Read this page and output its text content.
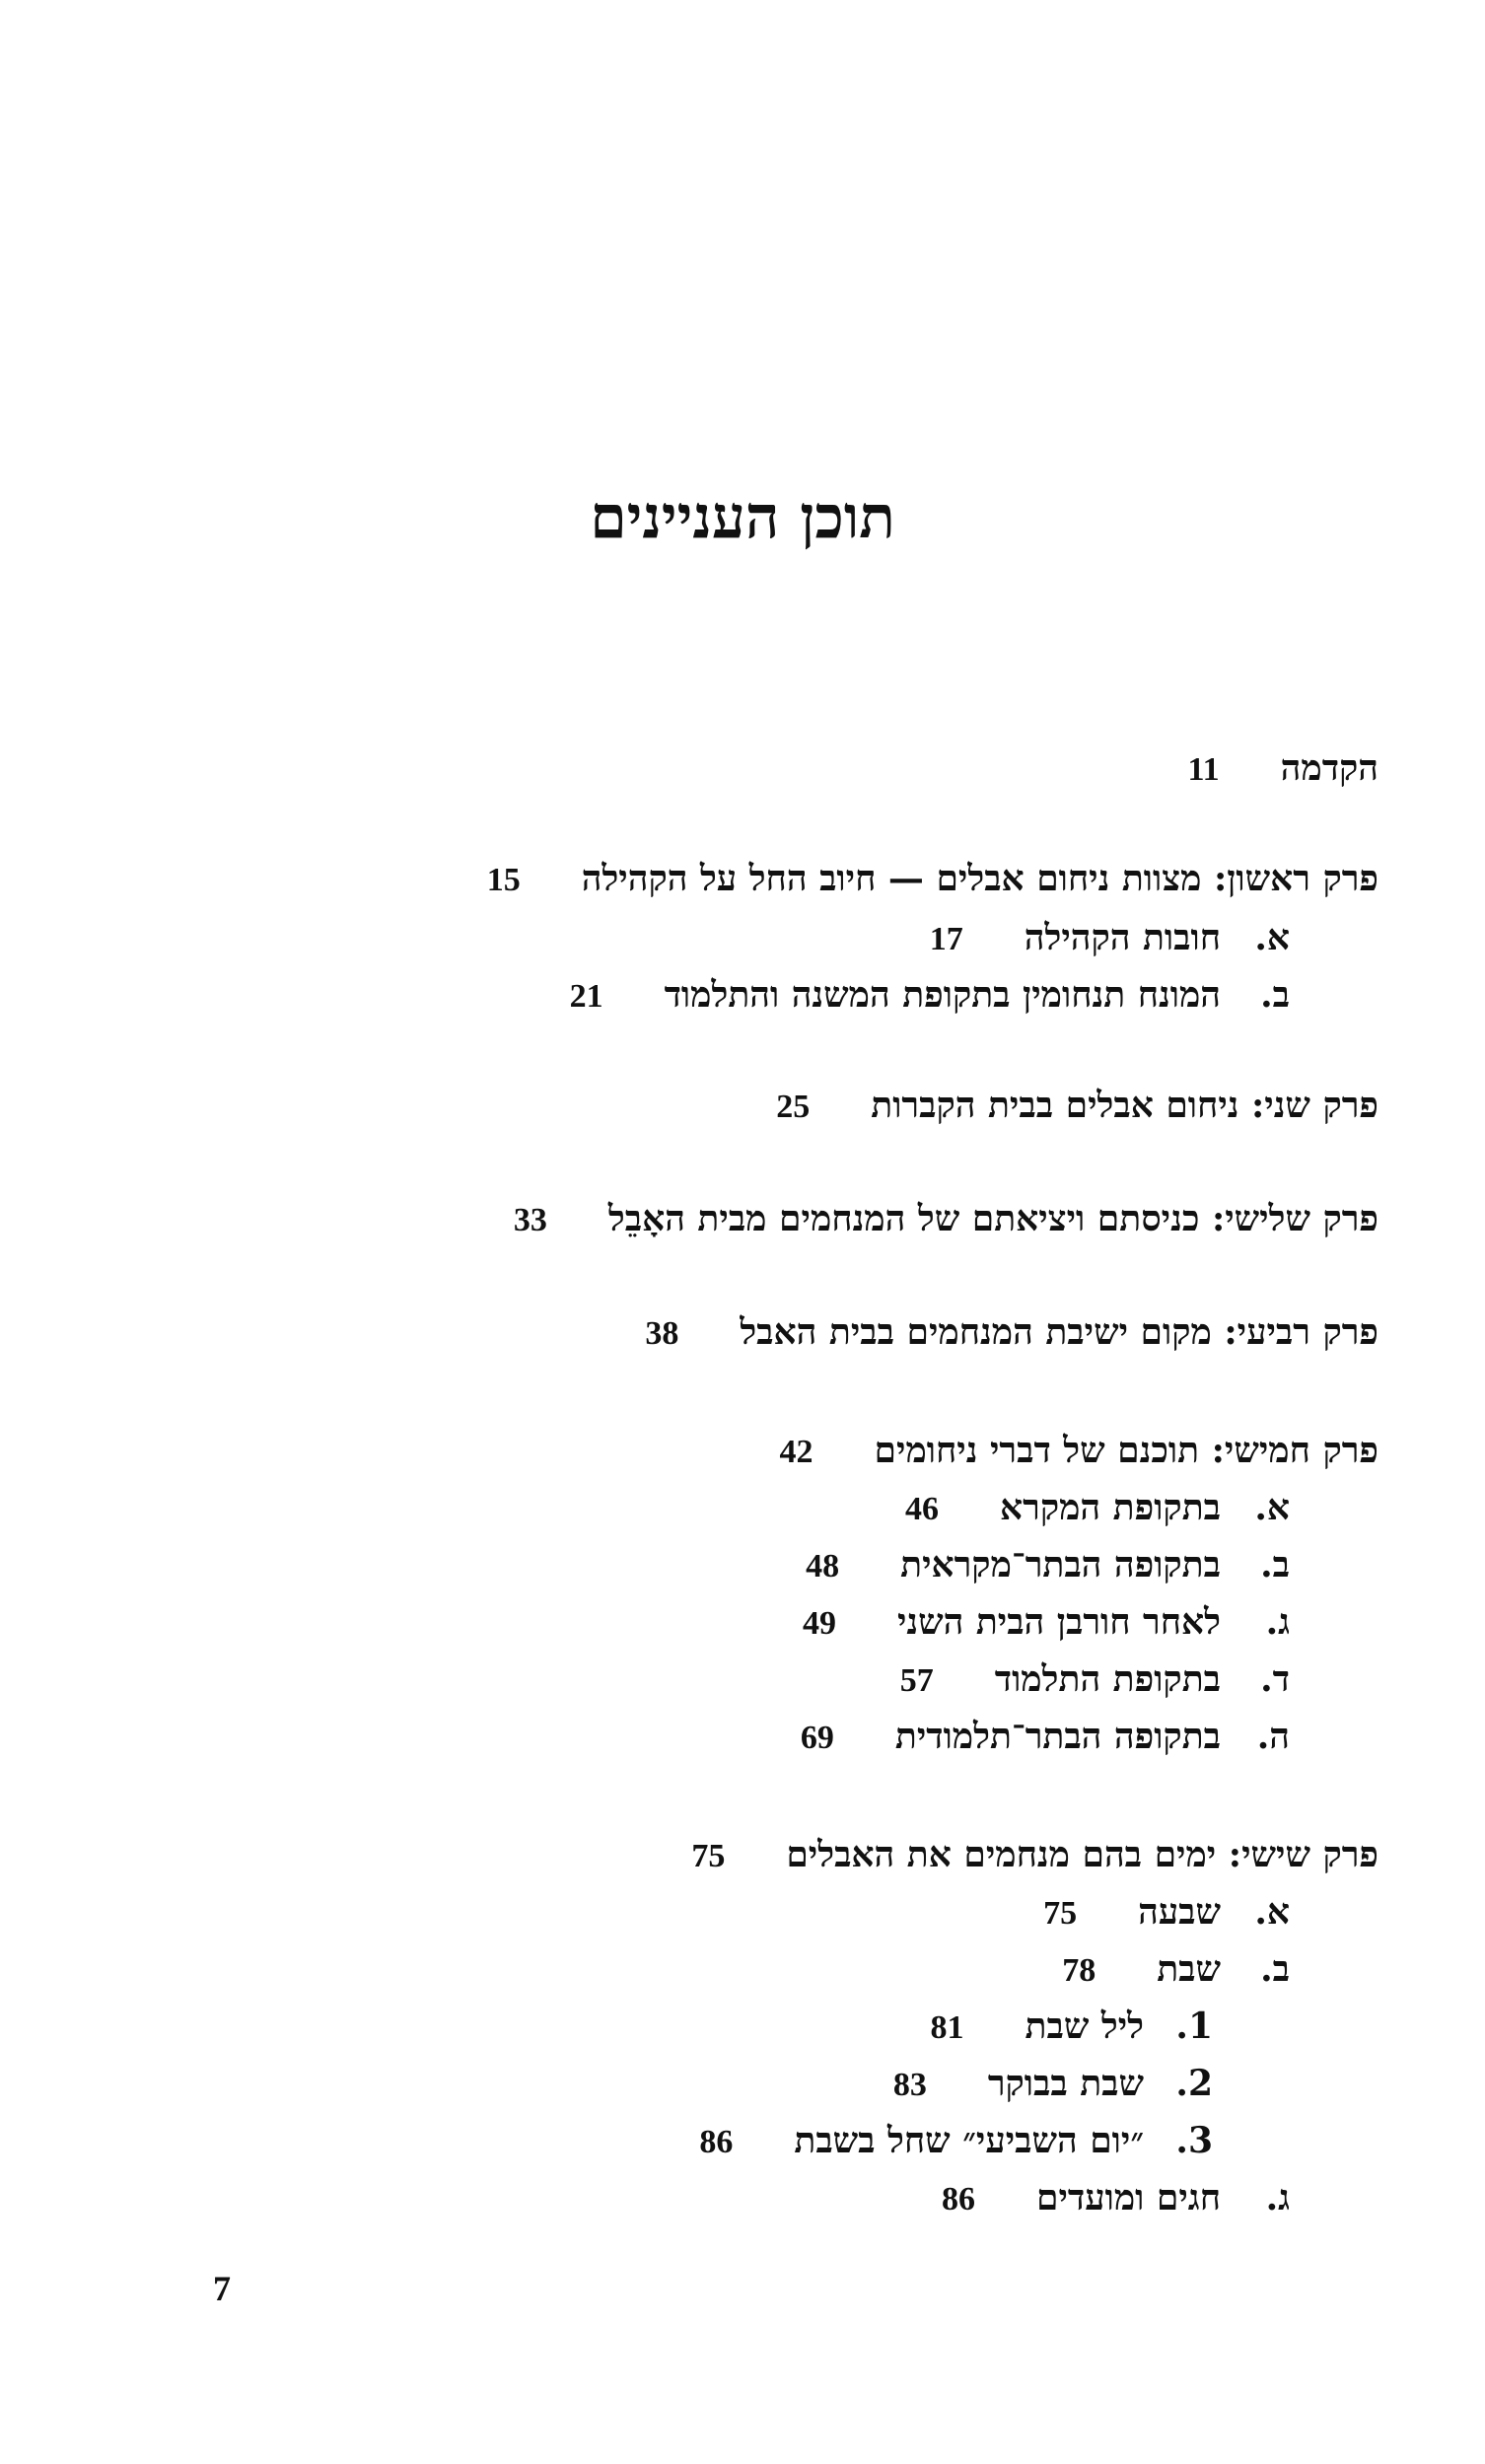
תוכן העניינים
הקדמה
11
פרק ראשון: מצוות ניחום אבלים — חיוב החל על הקהילה
15
א.
חובות הקהילה
17
ב.
המונח תנחומין בתקופת המשנה והתלמוד
21
פרק שני: ניחום אבלים בבית הקברות
25
פרק שלישי: כניסתם ויציאתם של המנחמים מבית האָבֵל
33
פרק רביעי: מקום ישיבת המנחמים בבית האבל
38
פרק חמישי: תוכנם של דברי ניחומים
42
א.
בתקופת המקרא
46
ב.
בתקופה הבתר־מקראית
48
ג.
לאחר חורבן הבית השני
49
ד.
בתקופת התלמוד
57
ה.
בתקופה הבתר־תלמודית
69
פרק שישי: ימים בהם מנחמים את האבלים
75
א.
שבעה
75
ב.
שבת
78
1.
ליל שבת
81
2.
שבת בבוקר
83
3.
״יום השביעי״ שחל בשבת
86
ג.
חגים ומועדים
86
7
